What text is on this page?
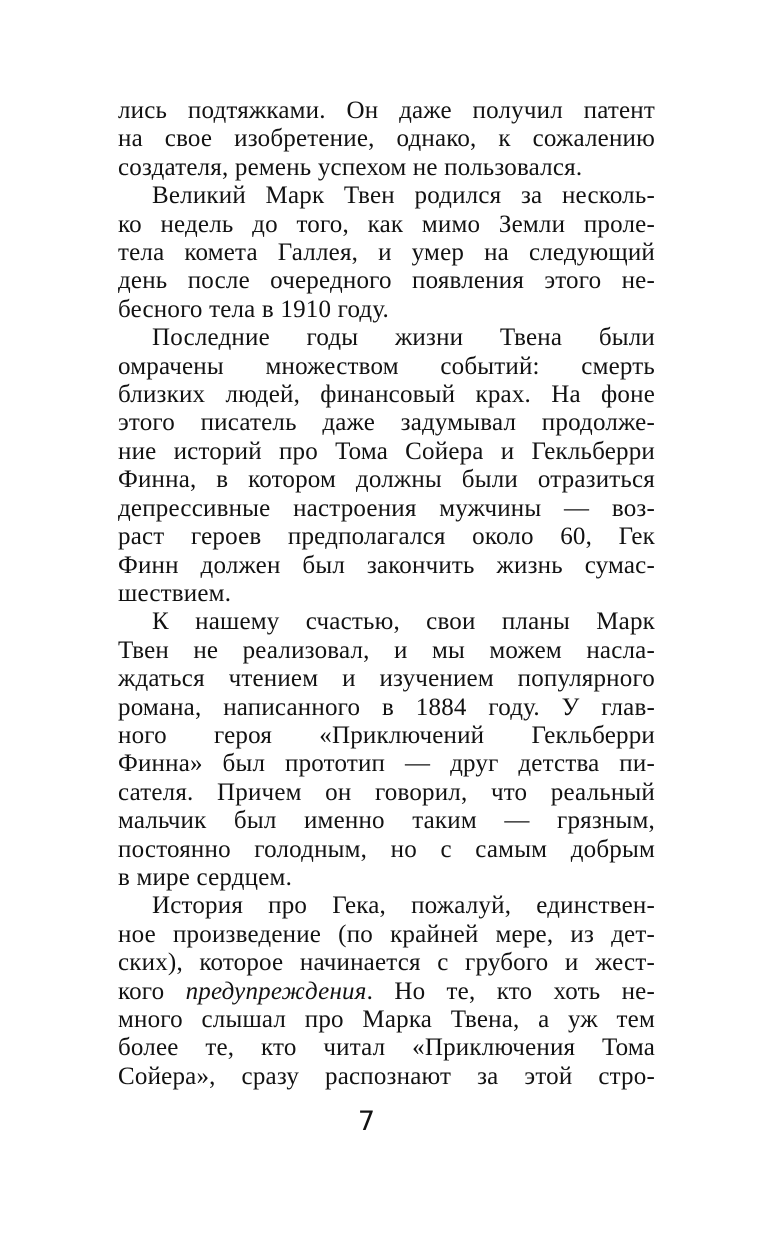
лись подтяжками. Он даже получил патент
на свое изобретение, однако, к сожалению
создателя, ремень успехом не пользовался.
Великий Марк Твен родился за несколь-
ко недель до того, как мимо Земли проле-
тела комета Галлея, и умер на следующий
день после очередного появления этого не-
бесного тела в 1910 году.
Последние годы жизни Твена были
омрачены множеством событий: смерть
близких людей, финансовый крах. На фоне
этого писатель даже задумывал продолже-
ние историй про Тома Сойера и Гекльберри
Финна, в котором должны были отразиться
депрессивные настроения мужчины — воз-
раст героев предполагался около 60, Гек
Финн должен был закончить жизнь сумас-
шествием.
К нашему счастью, свои планы Марк
Твен не реализовал, и мы можем насла-
ждаться чтением и изучением популярного
романа, написанного в 1884 году. У глав-
ного героя «Приключений Гекльберри
Финна» был прототип — друг детства пи-
сателя. Причем он говорил, что реальный
мальчик был именно таким — грязным,
постоянно голодным, но с самым добрым
в мире сердцем.
История про Гека, пожалуй, единствен-
ное произведение (по крайней мере, из дет-
ских), которое начинается с грубого и жест-
кого предупреждения. Но те, кто хоть не-
много слышал про Марка Твена, а уж тем
более те, кто читал «Приключения Тома
Сойера», сразу распознают за этой стро-
7
